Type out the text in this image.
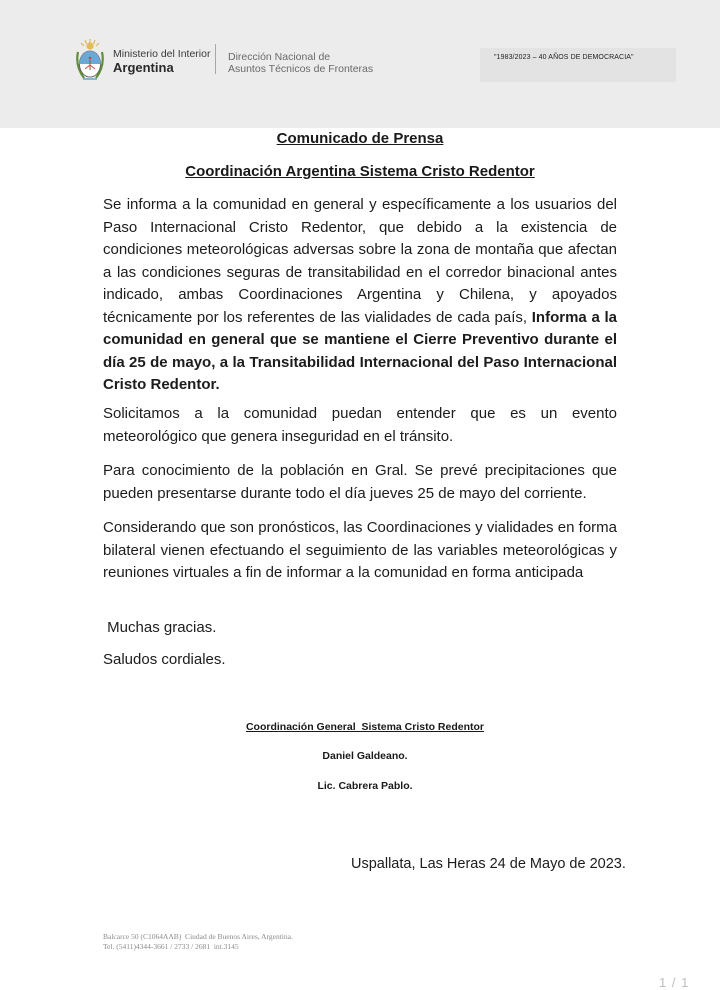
Ministerio del Interior
Argentina
Dirección Nacional de
Asuntos Técnicos de Fronteras
"1983/2023 – 40 AÑOS DE DEMOCRACIA"
Comunicado de Prensa
Coordinación Argentina Sistema Cristo Redentor
Se informa a la comunidad en general y específicamente a los usuarios del Paso Internacional Cristo Redentor, que debido a la existencia de condiciones meteorológicas adversas sobre la zona de montaña que afectan a las condiciones seguras de transitabilidad en el corredor binacional antes indicado, ambas Coordinaciones Argentina y Chilena, y apoyados técnicamente por los referentes de las vialidades de cada país, Informa a la comunidad en general que se mantiene el Cierre Preventivo durante el día 25 de mayo, a la Transitabilidad Internacional del Paso Internacional Cristo Redentor.
Solicitamos a la comunidad puedan entender que es un evento meteorológico que genera inseguridad en el tránsito.
Para conocimiento de la población en Gral. Se prevé precipitaciones que pueden presentarse durante todo el día jueves 25 de mayo del corriente.
Considerando que son pronósticos, las Coordinaciones y vialidades en forma bilateral vienen efectuando el seguimiento de las variables meteorológicas y reuniones virtuales a fin de informar a la comunidad en forma anticipada
Muchas gracias.
Saludos cordiales.
Coordinación General  Sistema Cristo Redentor
Daniel Galdeano.
Lic. Cabrera Pablo.
Uspallata, Las Heras 24 de Mayo de 2023.
Balcarce 50 (C1064AAB)  Ciudad de Buenos Aires, Argentina.
Tel. (5411)4344-3661 / 2733 / 2681  int.3145
1 / 1
